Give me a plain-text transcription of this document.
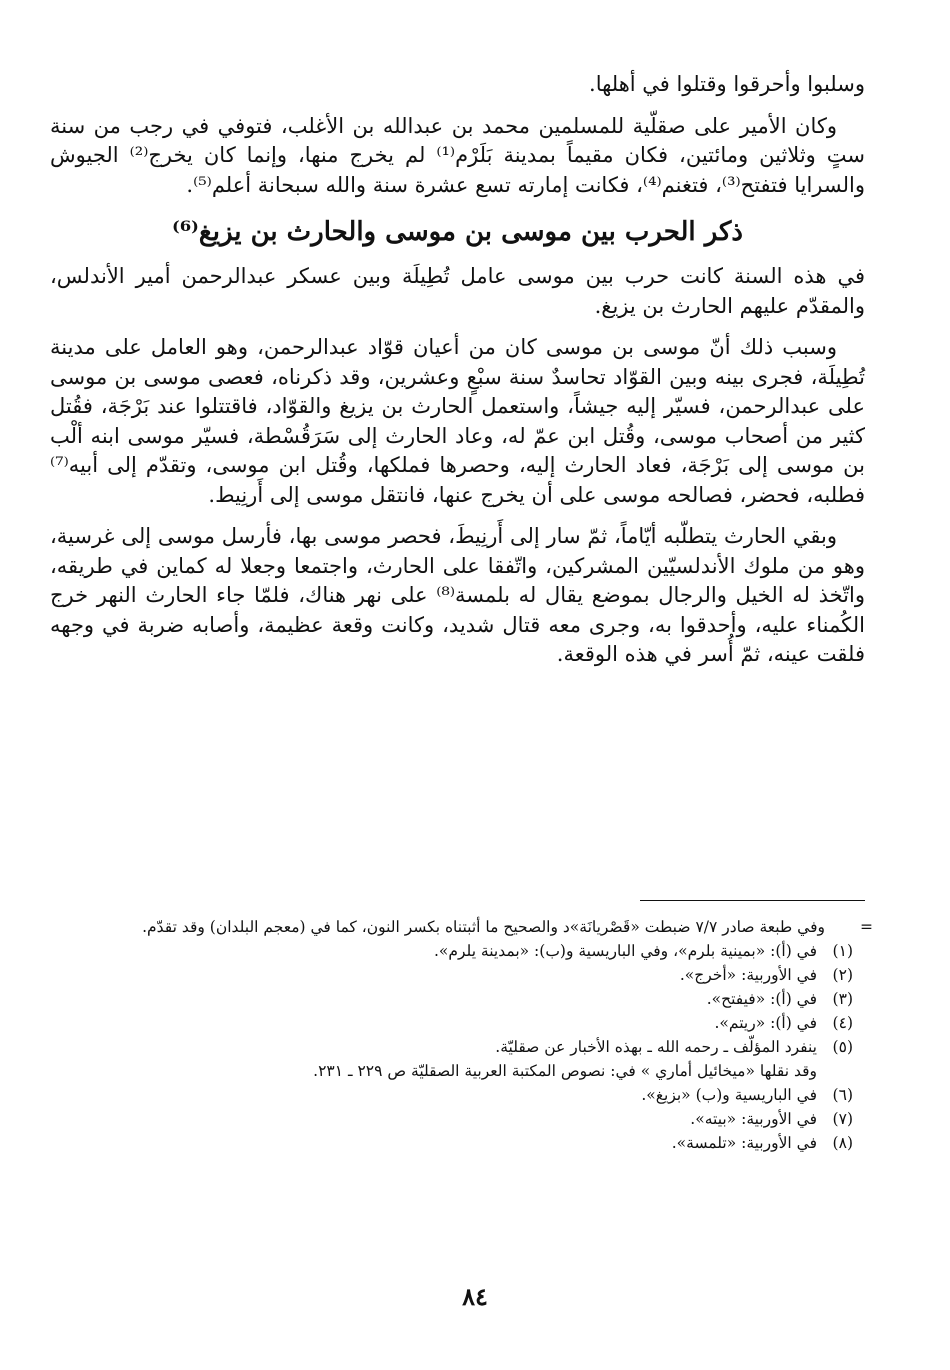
وسلبوا وأحرقوا وقتلوا في أهلها.

وكان الأمير على صقلّية للمسلمين محمد بن عبدالله بن الأغلب، فتوفي في رجب من سنة ستٍ وثلاثين ومائتين، فكان مقيماً بمدينة بَلَرْم⁽¹⁾ لم يخرج منها، وإنما كان يخرج⁽²⁾ الجيوش والسرايا فتفتح⁽³⁾، فتغنم⁽⁴⁾، فكانت إمارته تسع عشرة سنة والله سبحانة أعلم⁽⁵⁾.

ذكر الحرب بين موسى بن موسى والحارث بن يزيغ⁽⁶⁾

في هذه السنة كانت حرب بين موسى عامل تُطِيلَة وبين عسكر عبدالرحمن أمير الأندلس، والمقدّم عليهم الحارث بن يزيغ.

وسبب ذلك أنّ موسى بن موسى كان من أعيان قوّاد عبدالرحمن، وهو العامل على مدينة تُطِيلَة، فجرى بينه وبين القوّاد تحاسدٌ سنة سبْعٍ وعشرين، وقد ذكرناه، فعصى موسى بن موسى على عبدالرحمن، فسيّر إليه جيشاً، واستعمل الحارث بن يزيغ والقوّاد، فاقتتلوا عند بَرْجَة، فقُتل كثير من أصحاب موسى، وقُتل ابن عمّ له، وعاد الحارث إلى سَرَقُسْطة، فسيّر موسى ابنه ألْب بن موسى إلى بَرْجَة، فعاد الحارث إليه، وحصرها فملكها، وقُتل ابن موسى، وتقدّم إلى أبيه⁽⁷⁾ فطلبه، فحضر، فصالحه موسى على أن يخرج عنها، فانتقل موسى إلى أَرنِيط.

وبقي الحارث يتطلّبه أيّاماً، ثمّ سار إلى أَرنِيطَ، فحصر موسى بها، فأرسل موسى إلى غرسية، وهو من ملوك الأندلسيّين المشركين، واتّفقا على الحارث، واجتمعا وجعلا له كماين في طريقه، واتّخذ له الخيل والرجال بموضع يقال له بلمسة⁽⁸⁾ على نهر هناك، فلمّا جاء الحارث النهر خرج الكُمناء عليه، وأحدقوا به، وجرى معه قتال شديد، وكانت وقعة عظيمة، وأصابه ضربة في وجهه فلقت عينه، ثمّ أُسر في هذه الوقعة.

=
وفي طبعة صادر ٧/٧ ضبطت «قَصْريانَة»د والصحيح ما أثبتناه بكسر النون، كما في (معجم البلدان) وقد تقدّم.
(١)
في (أ): «بمينية بلرم»، وفي الباريسية و(ب): «بمدينة يلرم».
(٢)
في الأوربية: «أخرج».
(٣)
في (أ): «فيفتح».
(٤)
في (أ): «ريتم».
(٥)
ينفرد المؤلّف ـ رحمه الله ـ بهذه الأخبار عن صقليّة.
وقد نقلها «ميخائيل أماري » في: نصوص المكتبة العربية الصقليّة ص ٢٢٩ ـ ٢٣١.
(٦)
في الباريسية و(ب) «بزيغ».
(٧)
في الأوربية: «بيته».
(٨)
في الأوربية: «تلمسة».
٨٤
